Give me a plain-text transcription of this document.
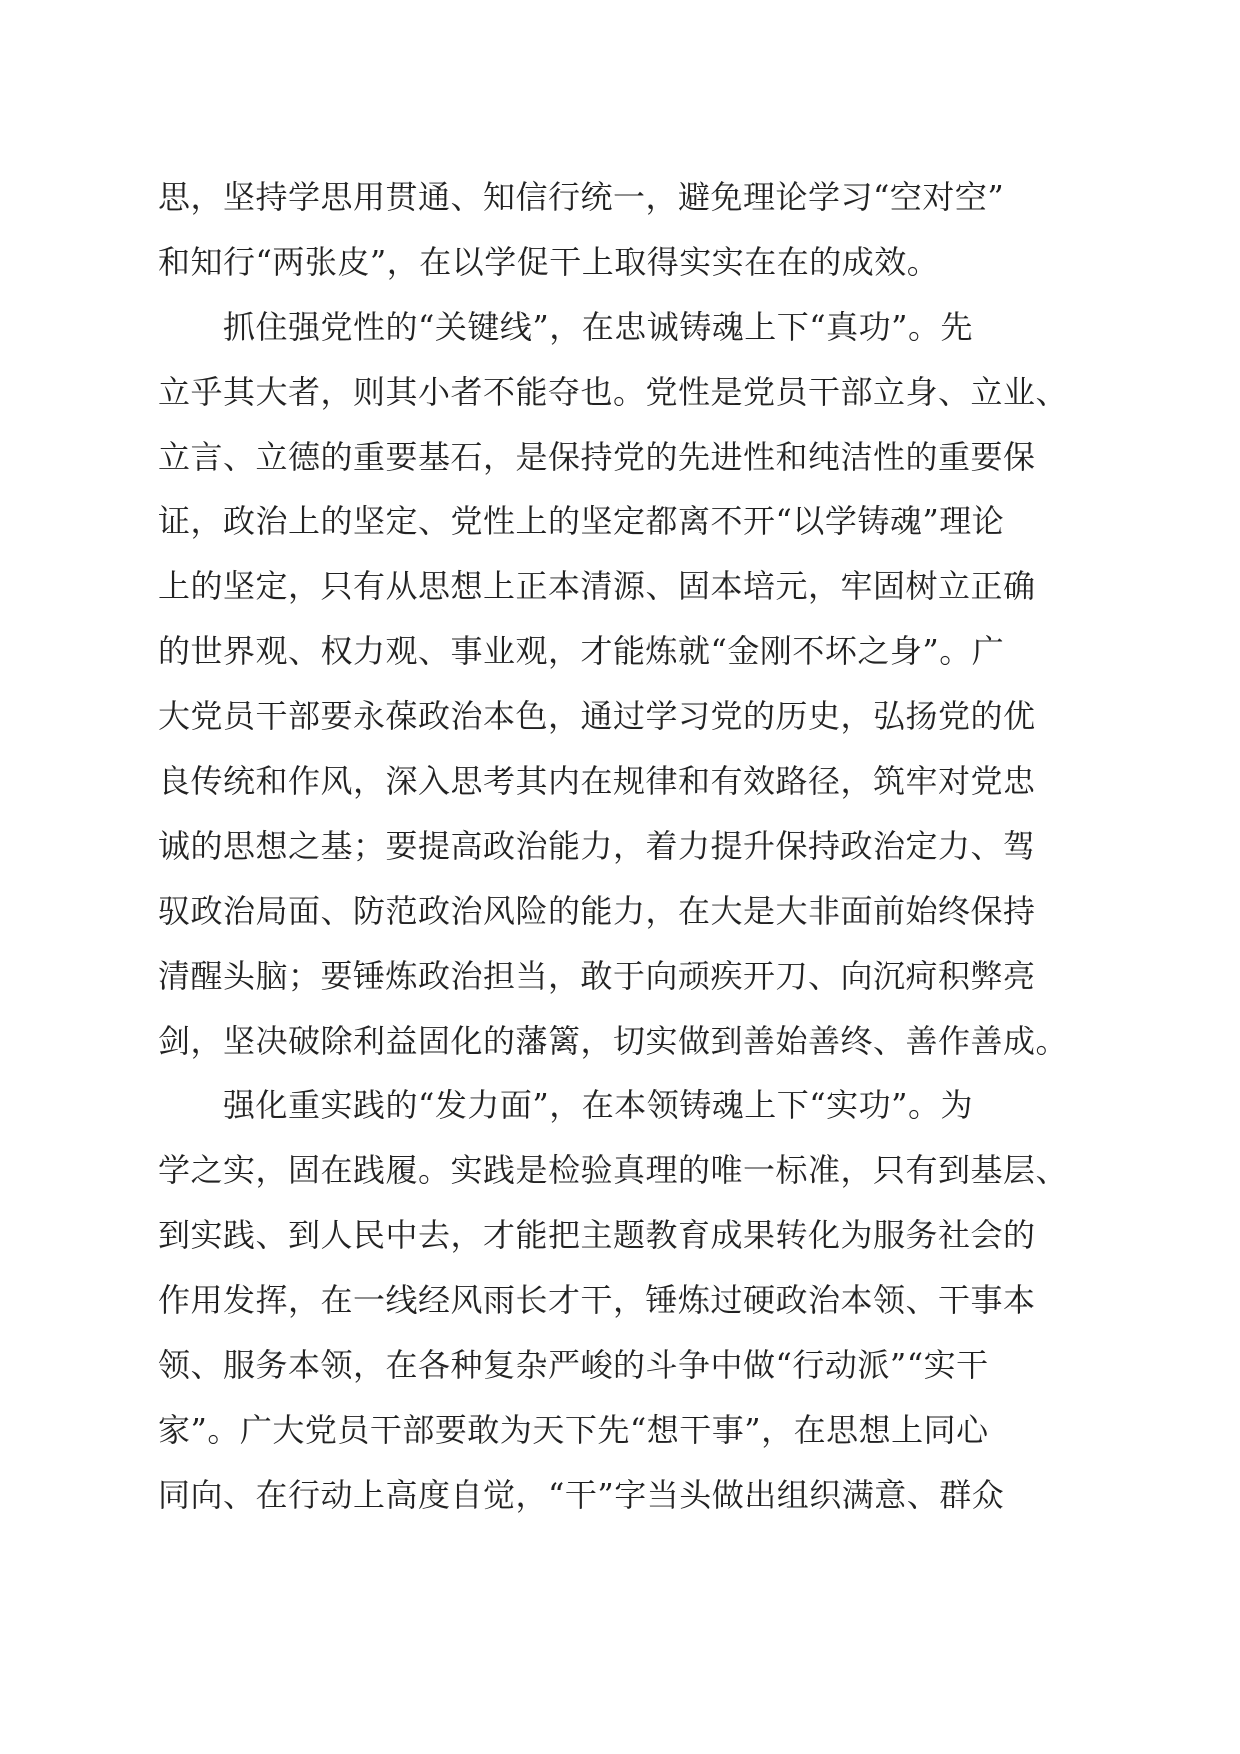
思，坚持学思用贯通、知信行统一，避免理论学习“空对空”
和知行“两张皮”，在以学促干上取得实实在在的成效。
　　抓住强党性的“关键线”，在忠诚铸魂上下“真功”。先
立乎其大者，则其小者不能夺也。党性是党员干部立身、立业、
立言、立德的重要基石，是保持党的先进性和纯洁性的重要保
证，政治上的坚定、党性上的坚定都离不开“以学铸魂”理论
上的坚定，只有从思想上正本清源、固本培元，牢固树立正确
的世界观、权力观、事业观，才能炼就“金刚不坏之身”。广
大党员干部要永葆政治本色，通过学习党的历史，弘扬党的优
良传统和作风，深入思考其内在规律和有效路径，筑牢对党忠
诚的思想之基；要提高政治能力，着力提升保持政治定力、驾
驭政治局面、防范政治风险的能力，在大是大非面前始终保持
清醒头脑；要锤炼政治担当，敢于向顽疾开刀、向沉疴积弊亮
剑，坚决破除利益固化的藩篱，切实做到善始善终、善作善成。
　　强化重实践的“发力面”，在本领铸魂上下“实功”。为
学之实，固在践履。实践是检验真理的唯一标准，只有到基层、
到实践、到人民中去，才能把主题教育成果转化为服务社会的
作用发挥，在一线经风雨长才干，锤炼过硬政治本领、干事本
领、服务本领，在各种复杂严峻的斗争中做“行动派”“实干
家”。广大党员干部要敢为天下先“想干事”，在思想上同心
同向、在行动上高度自觉，“干”字当头做出组织满意、群众
